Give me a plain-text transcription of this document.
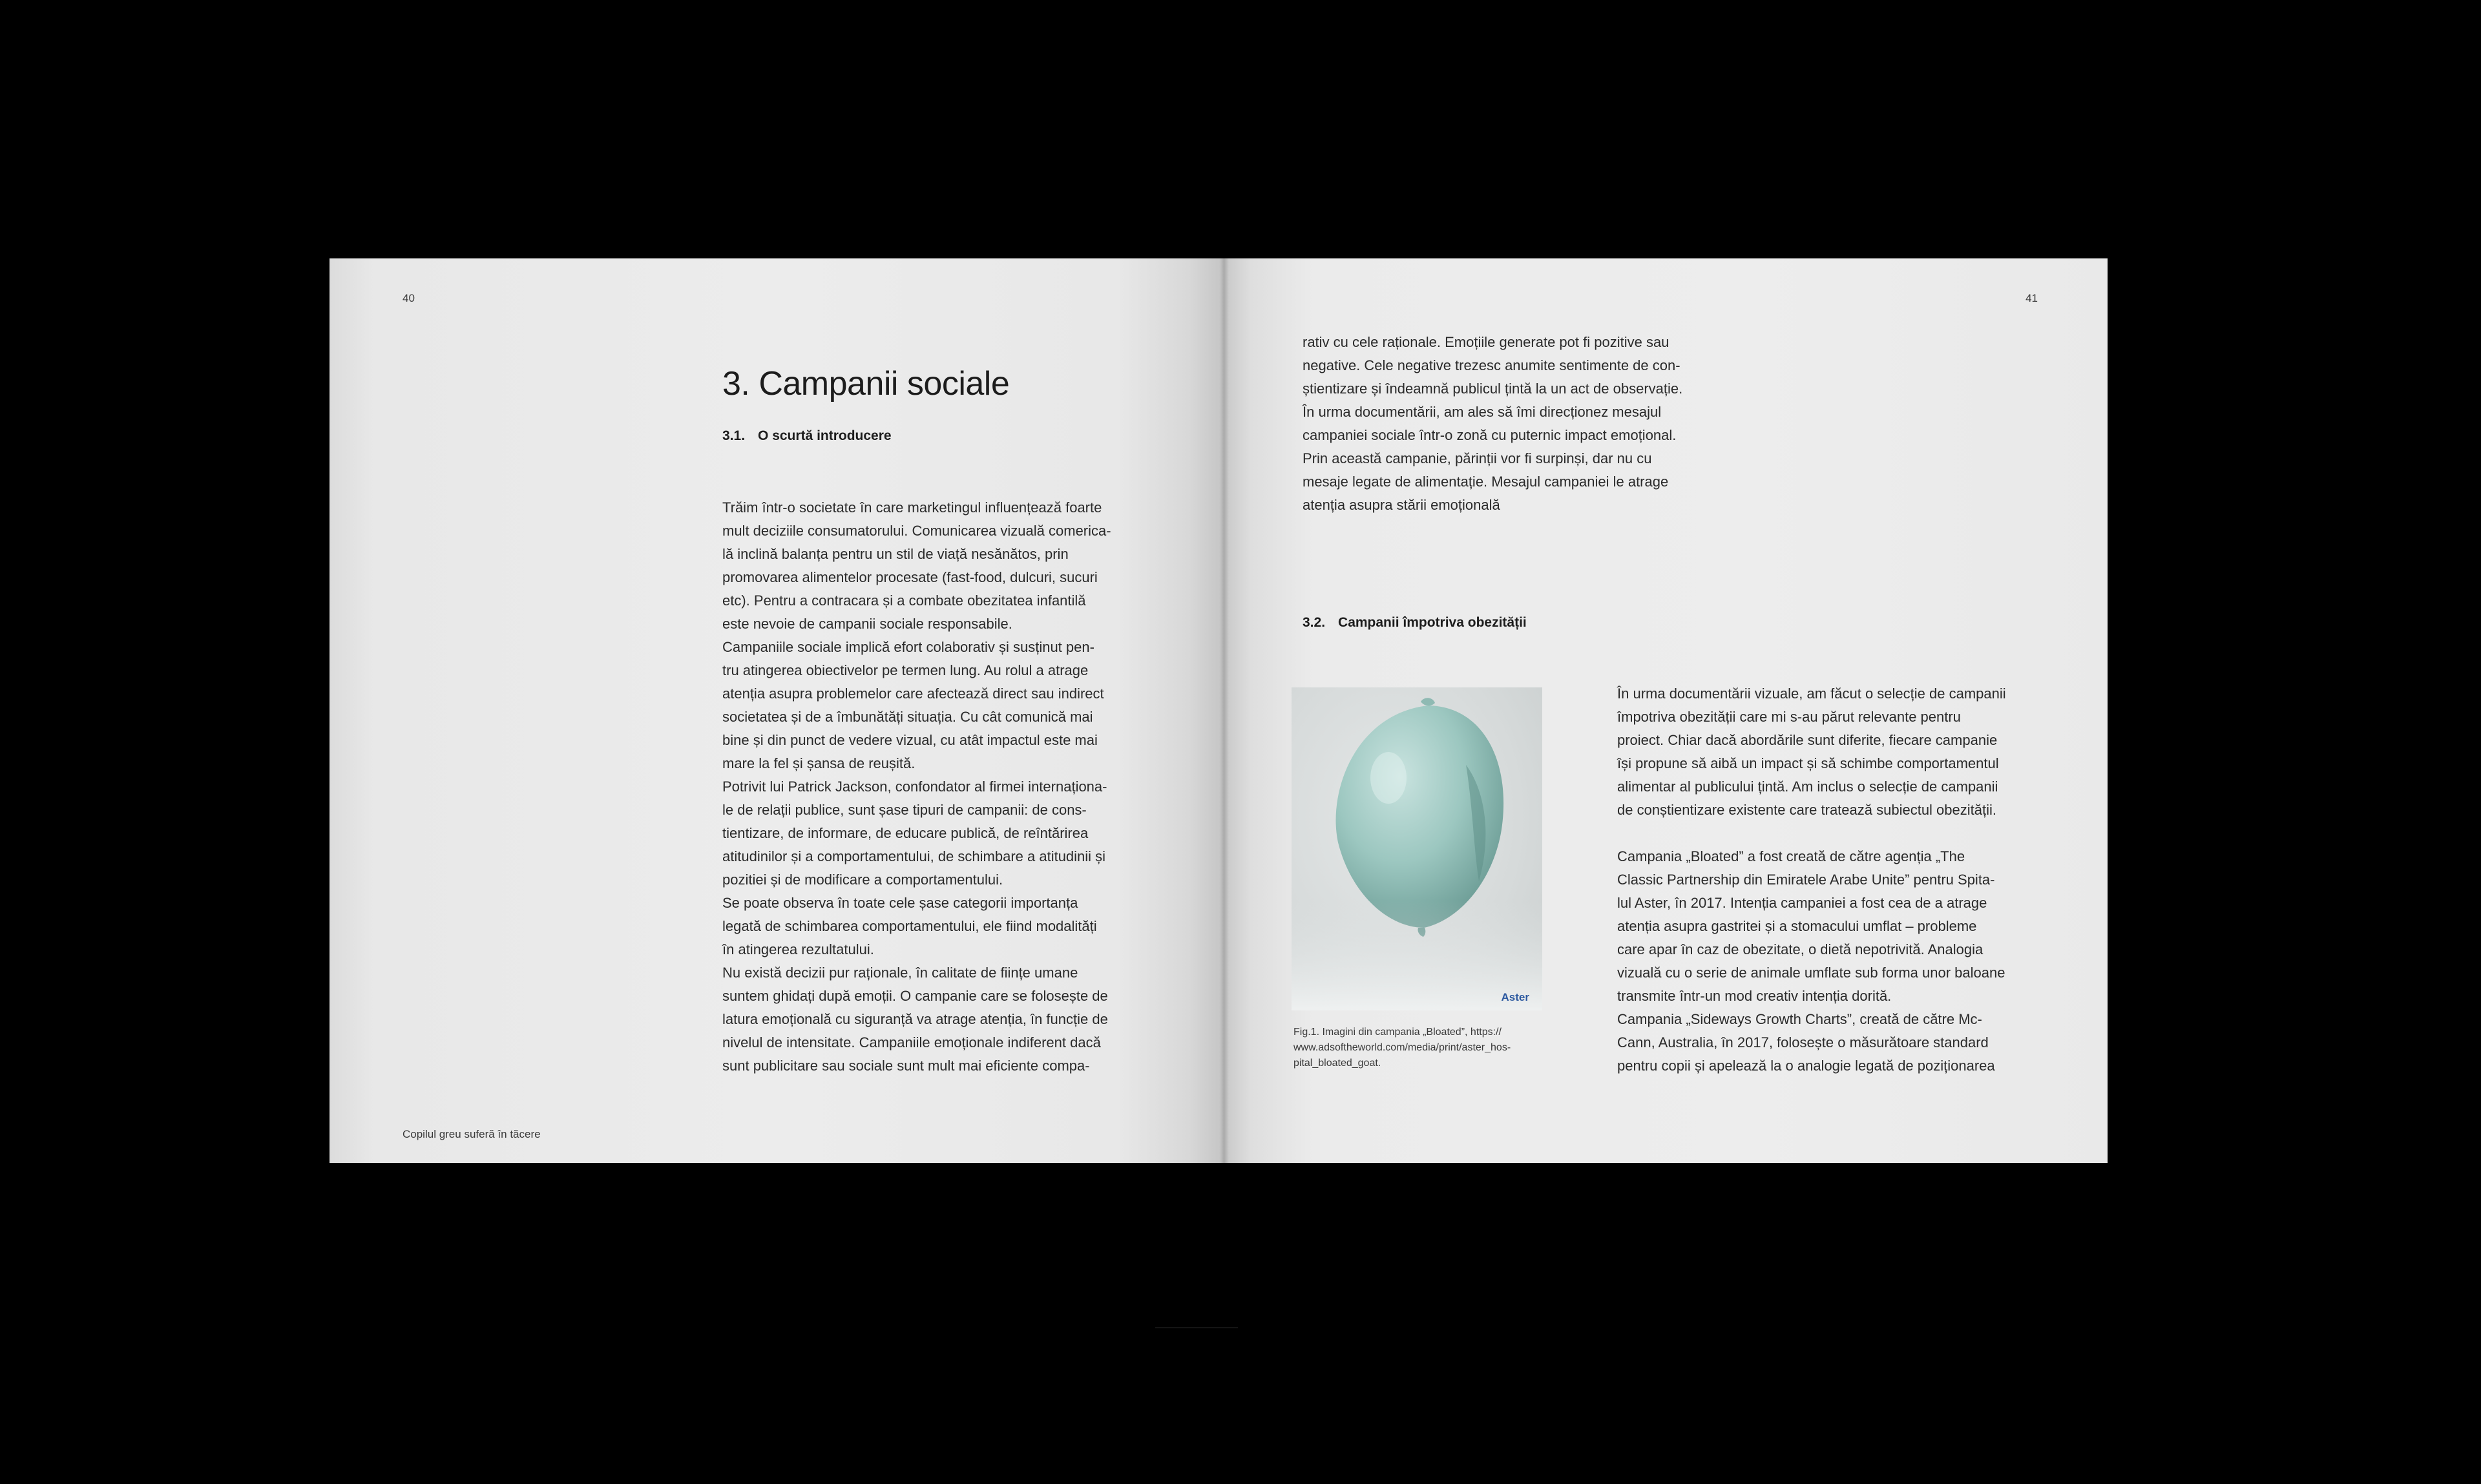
40
3. Campanii sociale
3.1. O scurtă introducere
Trăim într-o societate în care marketingul influențează foarte
mult deciziile consumatorului. Comunicarea vizuală comerica-
lă inclină balanța pentru un stil de viață nesănătos, prin
promovarea alimentelor procesate (fast-food, dulcuri, sucuri
etc). Pentru a contracara și a combate obezitatea infantilă
este nevoie de campanii sociale responsabile.
Campaniile sociale implică efort colaborativ și susținut pen-
tru atingerea obiectivelor pe termen lung. Au rolul a atrage
atenția asupra problemelor care afectează direct sau indirect
societatea și de a îmbunătăți situația. Cu cât comunică mai
bine și din punct de vedere vizual, cu atât impactul este mai
mare la fel și șansa de reușită.
Potrivit lui Patrick Jackson, confondator al firmei internaționa-
le de relații publice, sunt șase tipuri de campanii: de cons-
tientizare, de informare, de educare publică, de reîntărirea
atitudinilor și a comportamentului, de schimbare a atitudinii și
pozitiei și de modificare a comportamentului.
Se poate observa în toate cele șase categorii importanța
legată de schimbarea comportamentului, ele fiind modalități
în atingerea rezultatului.
Nu există decizii pur raționale, în calitate de ființe umane
suntem ghidați după emoții. O campanie care se folosește de
latura emoțională cu siguranță va atrage atenția, în funcție de
nivelul de intensitate. Campaniile emoționale indiferent dacă
sunt publicitare sau sociale sunt mult mai eficiente compa-
Copilul greu suferă în tăcere
41
rativ cu cele raționale. Emoțiile generate pot fi pozitive sau
negative. Cele negative trezesc anumite sentimente de con-
știentizare și îndeamnă publicul țintă la un act de observație.
În urma documentării, am ales să îmi direcționez mesajul
campaniei sociale într-o zonă cu puternic impact emoțional.
Prin această campanie, părinții vor fi surpinși, dar nu cu
mesaje legate de alimentație. Mesajul campaniei le atrage
atenția asupra stării emoțională
3.2. Campanii împotriva obezității
În urma documentării vizuale, am făcut o selecție de campanii
împotriva obezității care mi s-au părut relevante pentru
proiect. Chiar dacă abordările sunt diferite, fiecare campanie
își propune să aibă un impact și să schimbe comportamentul
alimentar al publicului țintă. Am inclus o selecție de campanii
de conștientizare existente care tratează subiectul obezității.
Campania „Bloated” a fost creată de către agenția „The
Classic Partnership din Emiratele Arabe Unite” pentru Spita-
lul Aster, în 2017. Intenția campaniei a fost cea de a atrage
atenția asupra gastritei și a stomacului umflat – probleme
care apar în caz de obezitate, o dietă nepotrivită. Analogia
vizuală cu o serie de animale umflate sub forma unor baloane
transmite într-un mod creativ intenția dorită.
Campania „Sideways Growth Charts”, creată de către Mc-
Cann, Australia, în 2017, folosește o măsurătoare standard
pentru copii și apelează la o analogie legată de poziționarea
Aster
Fig.1. Imagini din campania „Bloated”, https://
www.adsoftheworld.com/media/print/aster_hos-
pital_bloated_goat.
